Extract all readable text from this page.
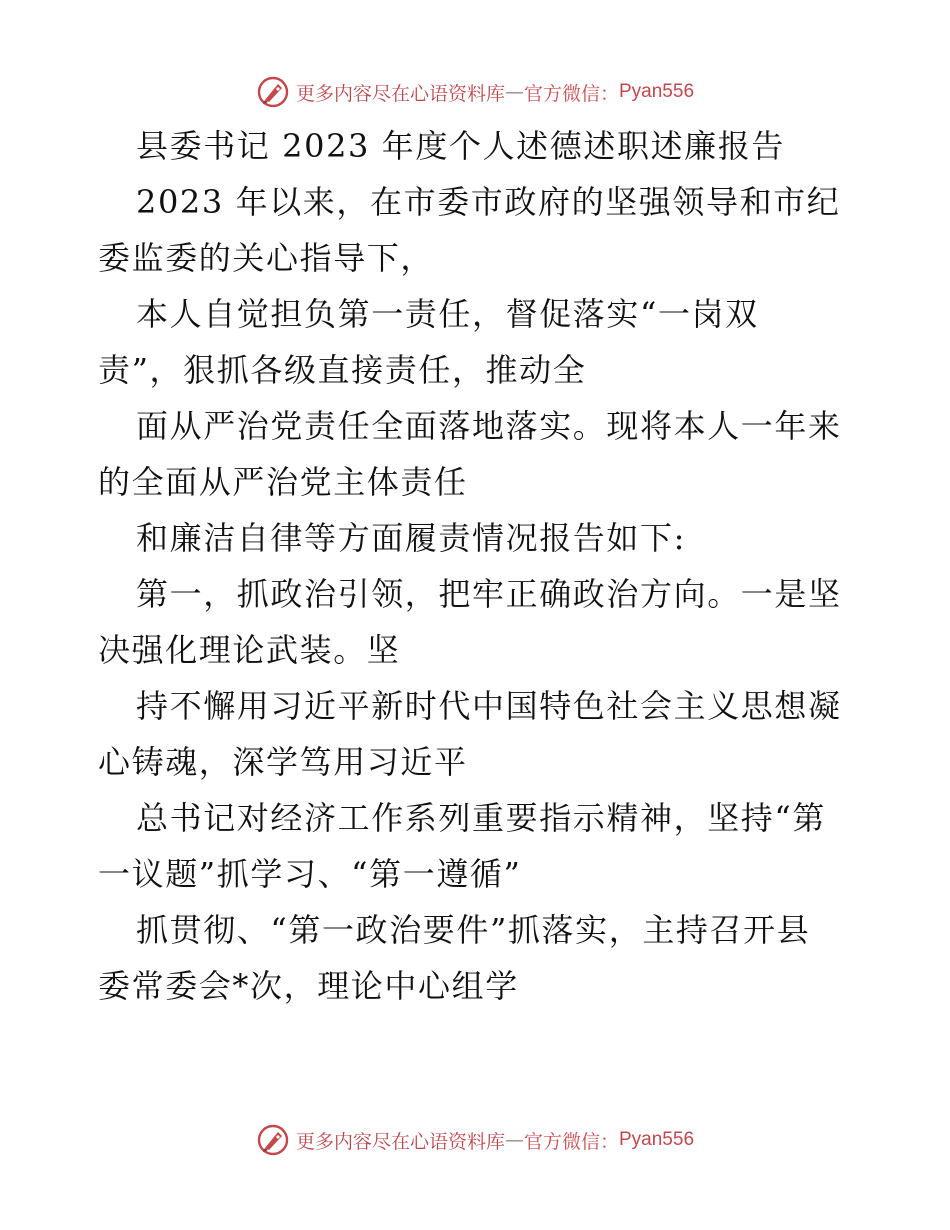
更多内容尽在心语资料库 — 官方微信： Pyan556
县委书记 2023 年度个人述德述职述廉报告
2023 年以来，在市委市政府的坚强领导和市纪
委监委的关心指导下，
本人自觉担负第一责任，督促落实“一岗双
责”，狠抓各级直接责任，推动全
面从严治党责任全面落地落实。现将本人一年来
的全面从严治党主体责任
和廉洁自律等方面履责情况报告如下:
第一，抓政治引领，把牢正确政治方向。一是坚
决强化理论武装。坚
持不懈用习近平新时代中国特色社会主义思想凝
心铸魂，深学笃用习近平
总书记对经济工作系列重要指示精神，坚持“第
一议题”抓学习、“第一遵循”
抓贯彻、“第一政治要件”抓落实，主持召开县
委常委会*次，理论中心组学
更多内容尽在心语资料库 — 官方微信： Pyan556
